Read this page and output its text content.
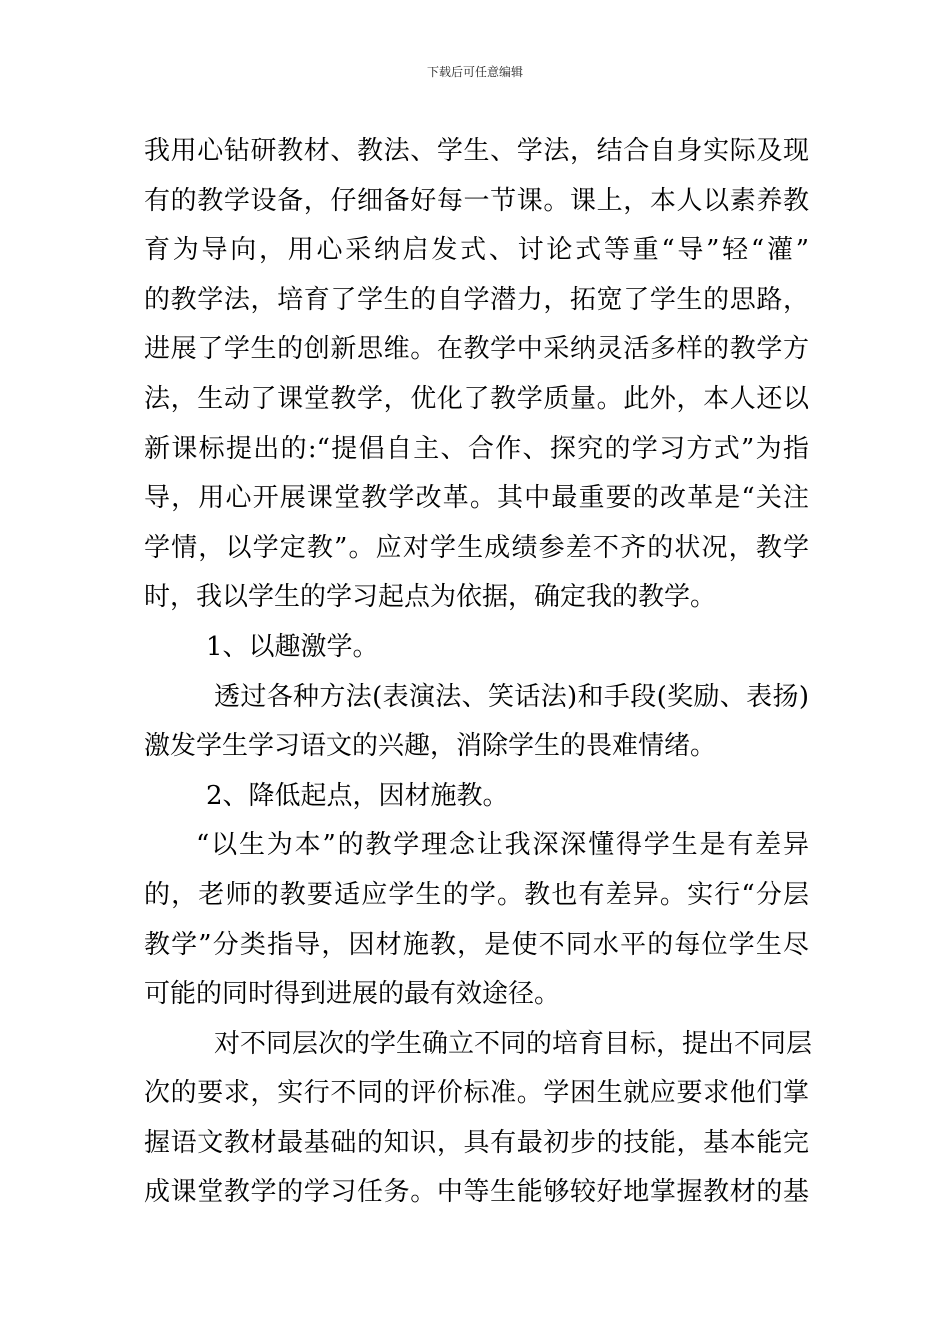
下载后可任意编辑
我用心钻研教材、教法、学生、学法，结合自身实际及现
有的教学设备，仔细备好每一节课。课上，本人以素养教
育为导向，用心采纳启发式、讨论式等重“导”轻“灌”
的教学法，培育了学生的自学潜力，拓宽了学生的思路，
进展了学生的创新思维。在教学中采纳灵活多样的教学方
法，生动了课堂教学，优化了教学质量。此外，本人还以
新课标提出的:“提倡自主、合作、探究的学习方式”为指
导，用心开展课堂教学改革。其中最重要的改革是“关注
学情，以学定教”。应对学生成绩参差不齐的状况，教学
时，我以学生的学习起点为依据，确定我的教学。
1、以趣激学。
透过各种方法(表演法、笑话法)和手段(奖励、表扬)
激发学生学习语文的兴趣，消除学生的畏难情绪。
2、降低起点，因材施教。
“以生为本”的教学理念让我深深懂得学生是有差异
的，老师的教要适应学生的学。教也有差异。实行“分层
教学”分类指导，因材施教，是使不同水平的每位学生尽
可能的同时得到进展的最有效途径。
对不同层次的学生确立不同的培育目标，提出不同层
次的要求，实行不同的评价标准。学困生就应要求他们掌
握语文教材最基础的知识，具有最初步的技能，基本能完
成课堂教学的学习任务。中等生能够较好地掌握教材的基
